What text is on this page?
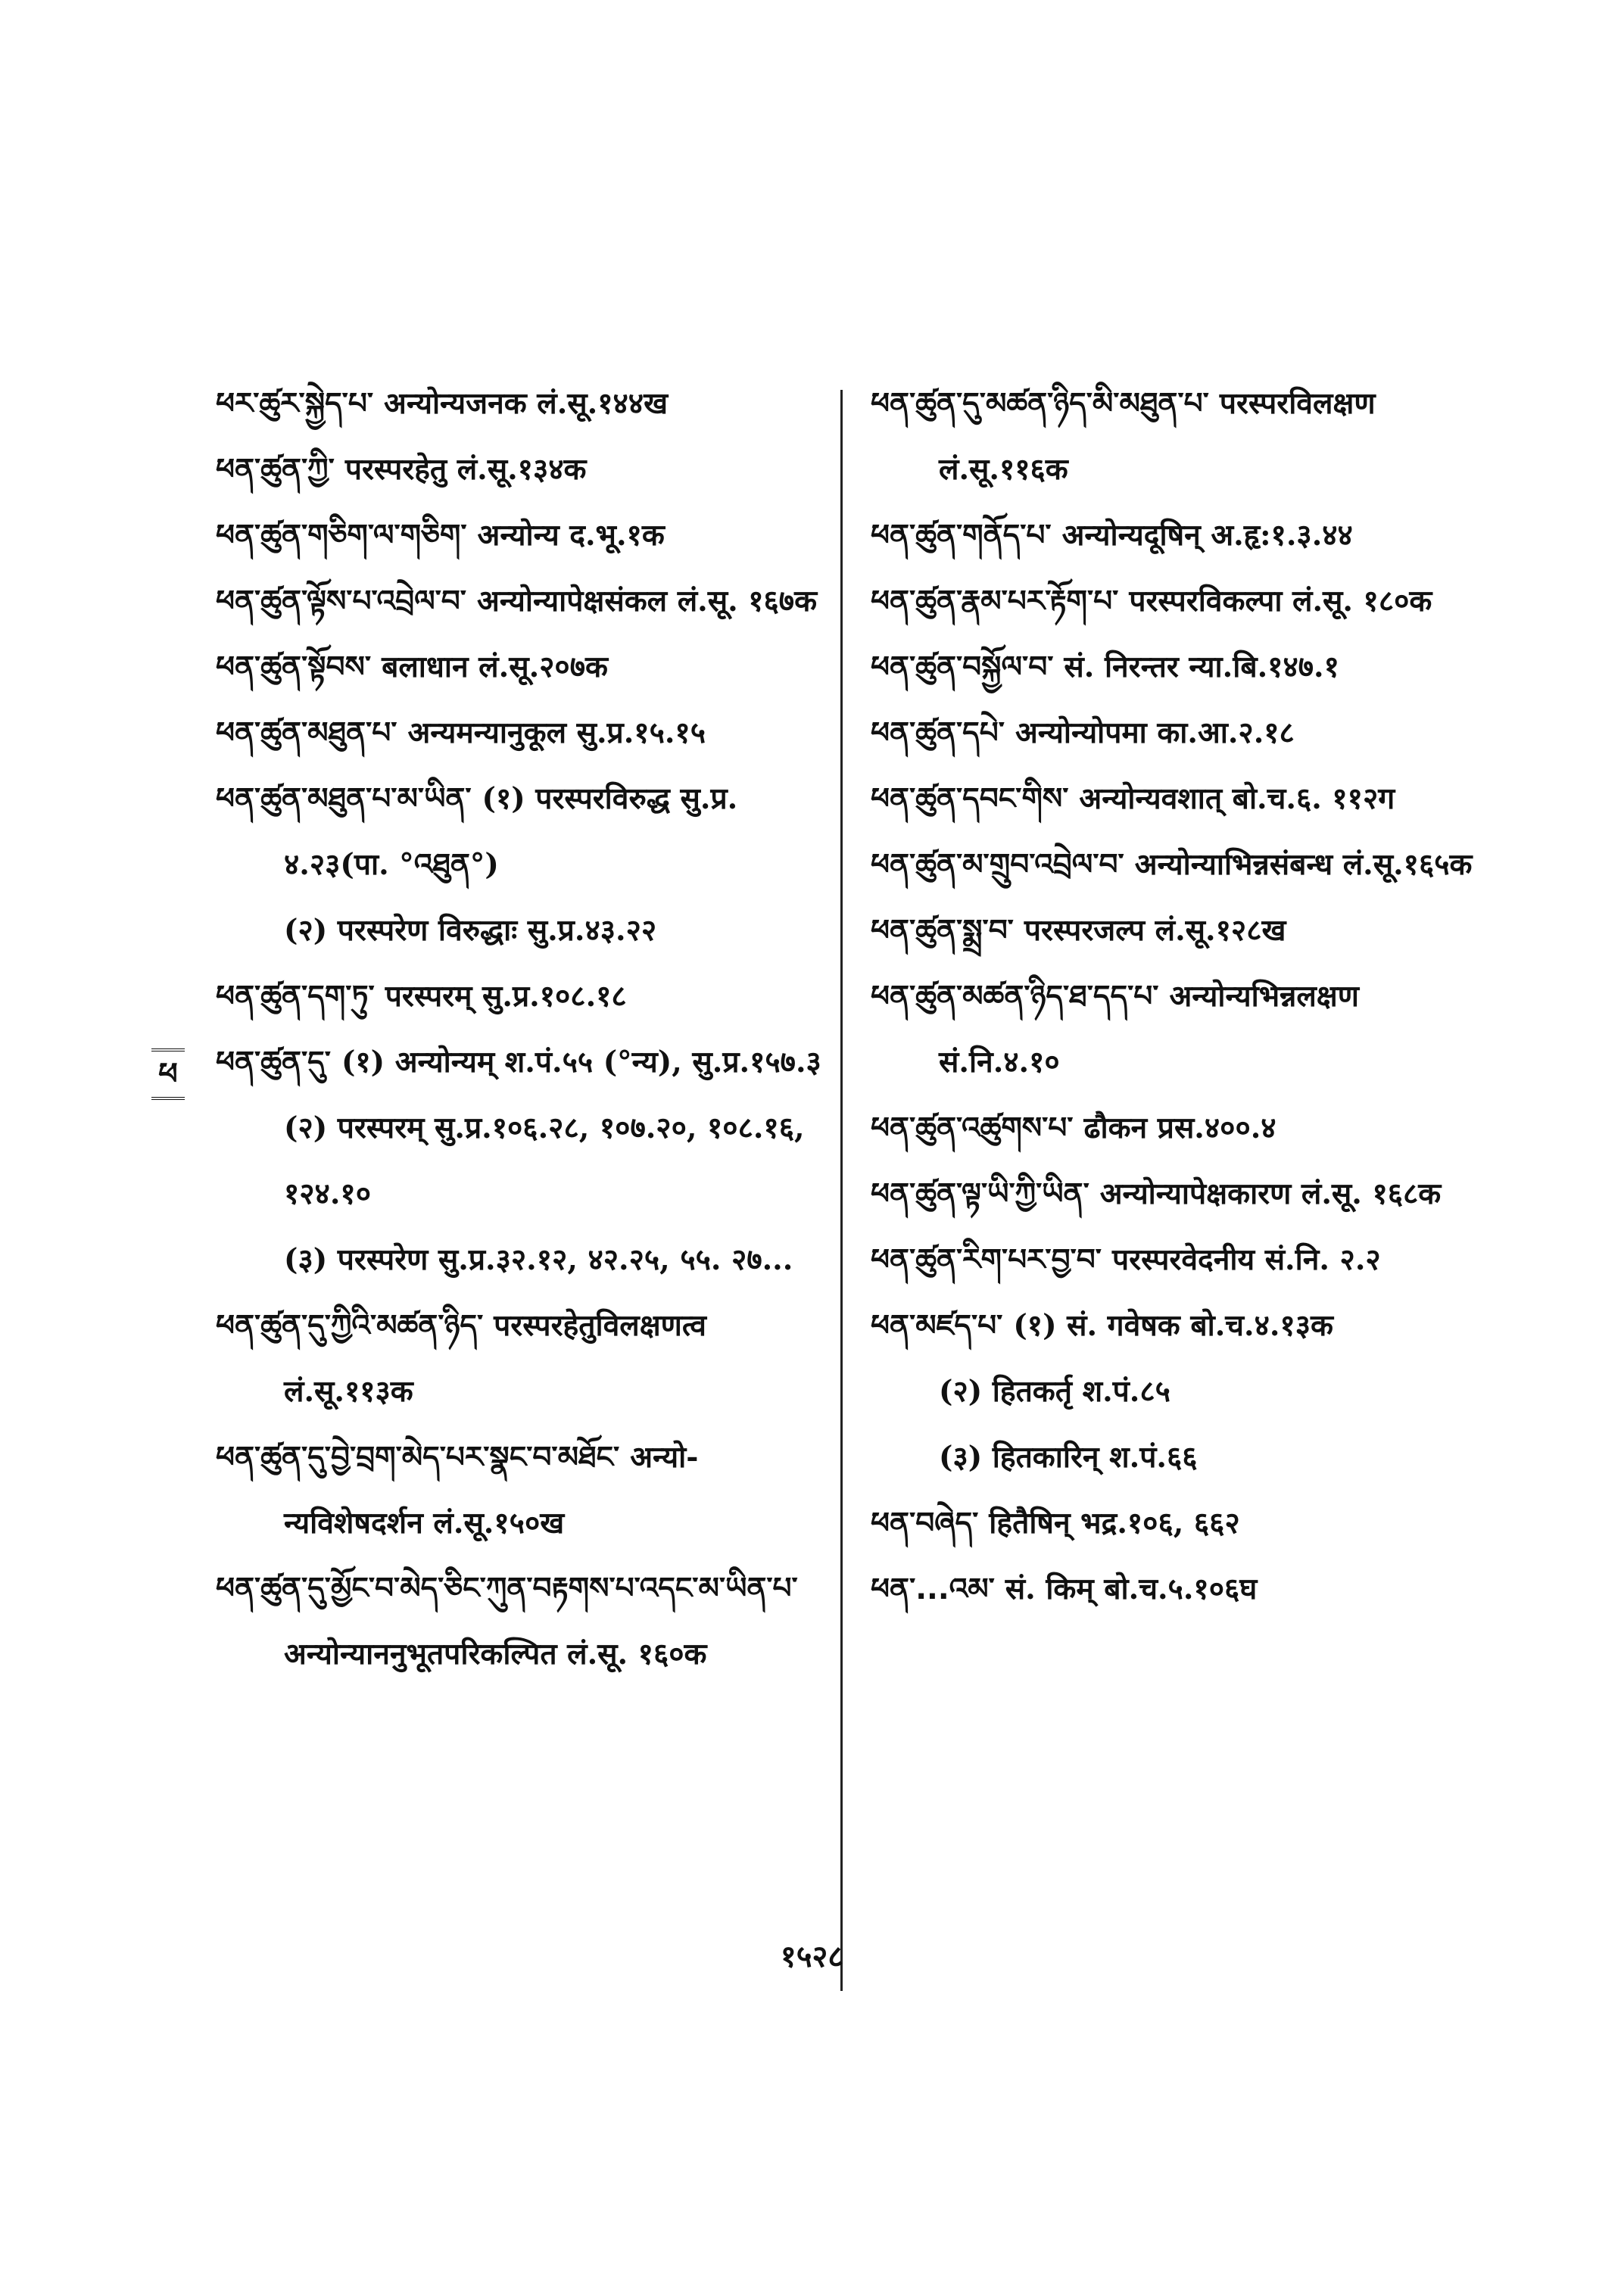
ཕ

ཕར་ཚུར་སྐྱེད་པ་ अन्योन्यजनक लं.सू.१४४ख

ཕན་ཚུན་ཀྱི་ परस्परहेतु लं.सू.१३४क

ཕན་ཚུན་གཅིག་ལ་གཅིག་ अन्योन्य द.भू.१क

ཕན་ཚུན་ལྟོས་པ་འབྲེལ་བ་ अन्योन्यापेक्षसंकल लं.सू. १६७क

ཕན་ཚུན་སྟོབས་ बलाधान लं.सू.२०७क

ཕན་ཚུན་མཐུན་པ་ अन्यमन्यानुकूल सु.प्र.१५.१५

ཕན་ཚུན་མཐུན་པ་མ་ཡིན་ (१) परस्परविरुद्ध सु.प्र. ४.२३(पा. °འཐུན°)

(२) परस्परेण विरुद्धाः सु.प्र.४३.२२

ཕན་ཚུན་དག་ཏུ་ परस्परम् सु.प्र.१०८.१८

ཕན་ཚུན་དུ་ (१) अन्योन्यम् श.पं.५५ (°न्य), सु.प्र.१५७.३

(२) परस्परम् सु.प्र.१०६.२८, १०७.२०, १०८.१६, १२४.१०

(३) परस्परेण सु.प्र.३२.१२, ४२.२५, ५५. २७...

ཕན་ཚུན་དུ་ཀྱིའི་མཚན་ཉིད་ परस्परहेतुविलक्षणत्व लं.सू.११३क

ཕན་ཚུན་དུ་བྱེ་བྲག་མེད་པར་སྣང་བ་མཐོང་ अन्यो-न्यविशेषदर्शन लं.सू.१५०ख

ཕན་ཚུན་དུ་མྱོང་བ་མེད་ཅིང་ཀུན་བརྟགས་པ་འདང་མ་ཡིན་པ་अन्योन्याननुभूतपरिकल्पित लं.सू. १६०क

ཕན་ཚུན་དུ་མཚན་ཉིད་མི་མཐུན་པ་ परस्परविलक्षण लं.सू.११६क

ཕན་ཚུན་གནོད་པ་ अन्योन्यदूषिन् अ.हृ:१.३.४४

ཕན་ཚུན་རྣམ་པར་རྟོག་པ་ परस्परविकल्पा लं.सू. १८०क

ཕན་ཚུན་བསྐྱོལ་བ་ सं. निरन्तर न्या.बि.१४७.१

ཕན་ཚུན་དཔེ་ अन्योन्योपमा का.आ.२.१८

ཕན་ཚུན་དབང་གིས་ अन्योन्यवशात् बो.च.६. ११२ग

ཕན་ཚུན་མ་གྲུབ་འབྲེལ་བ་ अन्योन्याभिन्नसंबन्ध लं.सू.१६५क

ཕན་ཚུན་སྨྲ་བ་ परस्परजल्प लं.सू.१२८ख

ཕན་ཚུན་མཚན་ཉིད་ཐ་དད་པ་ अन्योन्यभिन्नलक्षण सं.नि.४.१०

ཕན་ཚུན་འཚུགས་པ་ ढौकन प्रस.४००.४

ཕན་ཚུན་ལྟ་ཡི་ཀྱི་ཡིན་ अन्योन्यापेक्षकारण लं.सू. १६८क

ཕན་ཚུན་རིག་པར་བྱ་བ་ परस्परवेदनीय सं.नि. २.२

ཕན་མཛད་པ་ (१) सं. गवेषक बो.च.४.१३क

(२) हितकर्तृ श.पं.८५

(३) हितकारिन् श.पं.६६

ཕན་བཞེད་ हितैषिन् भद्र.१०६, ६६२

ཕན་...འམ་ सं. किम् बो.च.५.१०६घ

१५२८
